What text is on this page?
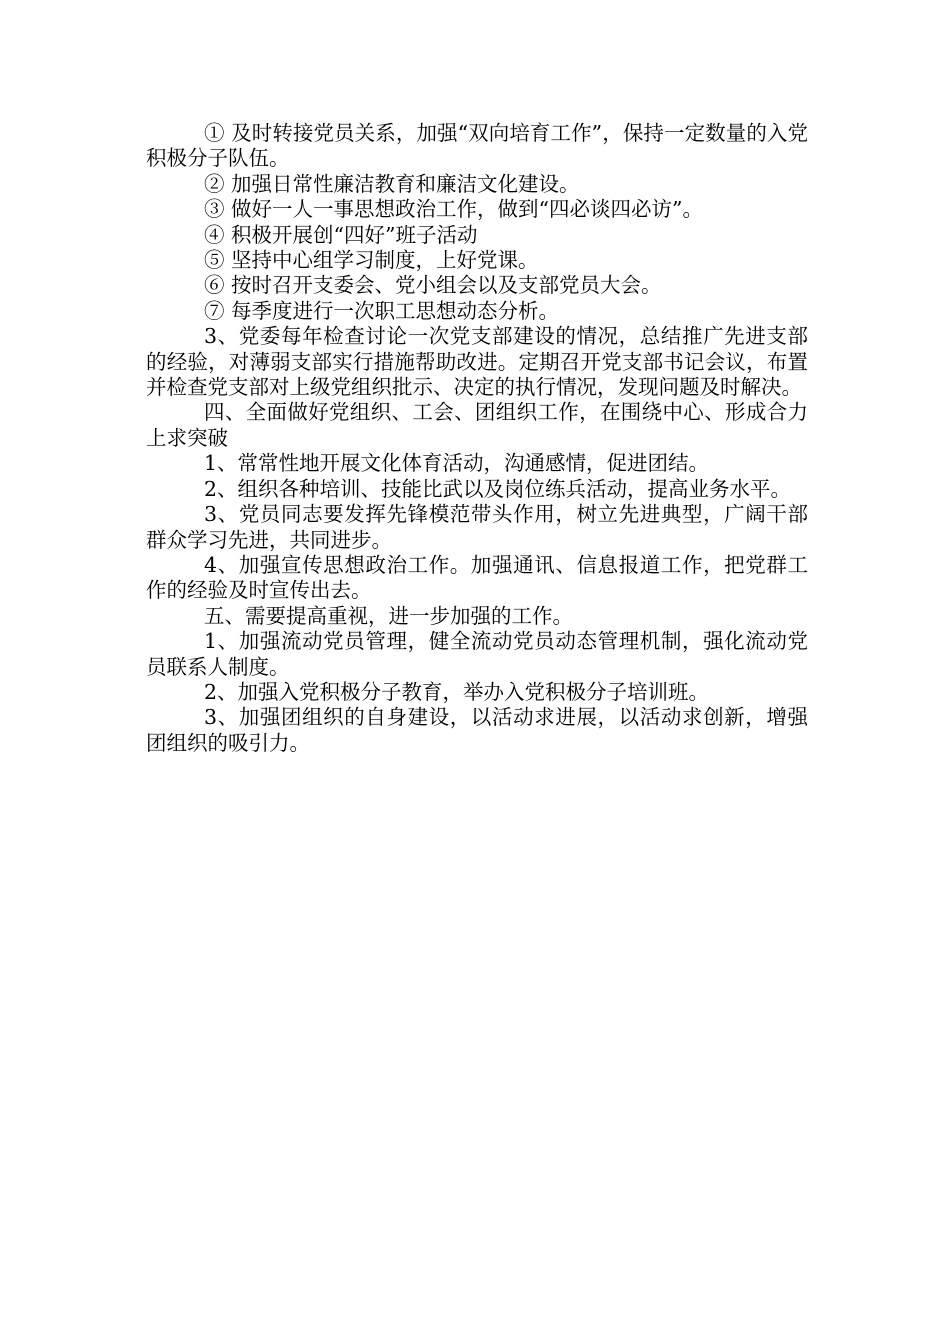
① 及时转接党员关系，加强“双向培育工作”，保持一定数量的入党积极分子队伍。

② 加强日常性廉洁教育和廉洁文化建设。

③ 做好一人一事思想政治工作，做到“四必谈四必访”。

④ 积极开展创“四好”班子活动

⑤ 坚持中心组学习制度，上好党课。

⑥ 按时召开支委会、党小组会以及支部党员大会。

⑦ 每季度进行一次职工思想动态分析。

3、党委每年检查讨论一次党支部建设的情况，总结推广先进支部的经验，对薄弱支部实行措施帮助改进。定期召开党支部书记会议，布置并检查党支部对上级党组织批示、决定的执行情况，发现问题及时解决。

四、全面做好党组织、工会、团组织工作，在围绕中心、形成合力上求突破

1、常常性地开展文化体育活动，沟通感情，促进团结。

2、组织各种培训、技能比武以及岗位练兵活动，提高业务水平。

3、党员同志要发挥先锋模范带头作用，树立先进典型，广阔干部群众学习先进，共同进步。

4、加强宣传思想政治工作。加强通讯、信息报道工作，把党群工作的经验及时宣传出去。

五、需要提高重视，进一步加强的工作。

1、加强流动党员管理，健全流动党员动态管理机制，强化流动党员联系人制度。

2、加强入党积极分子教育，举办入党积极分子培训班。

3、加强团组织的自身建设，以活动求进展，以活动求创新，增强团组织的吸引力。
